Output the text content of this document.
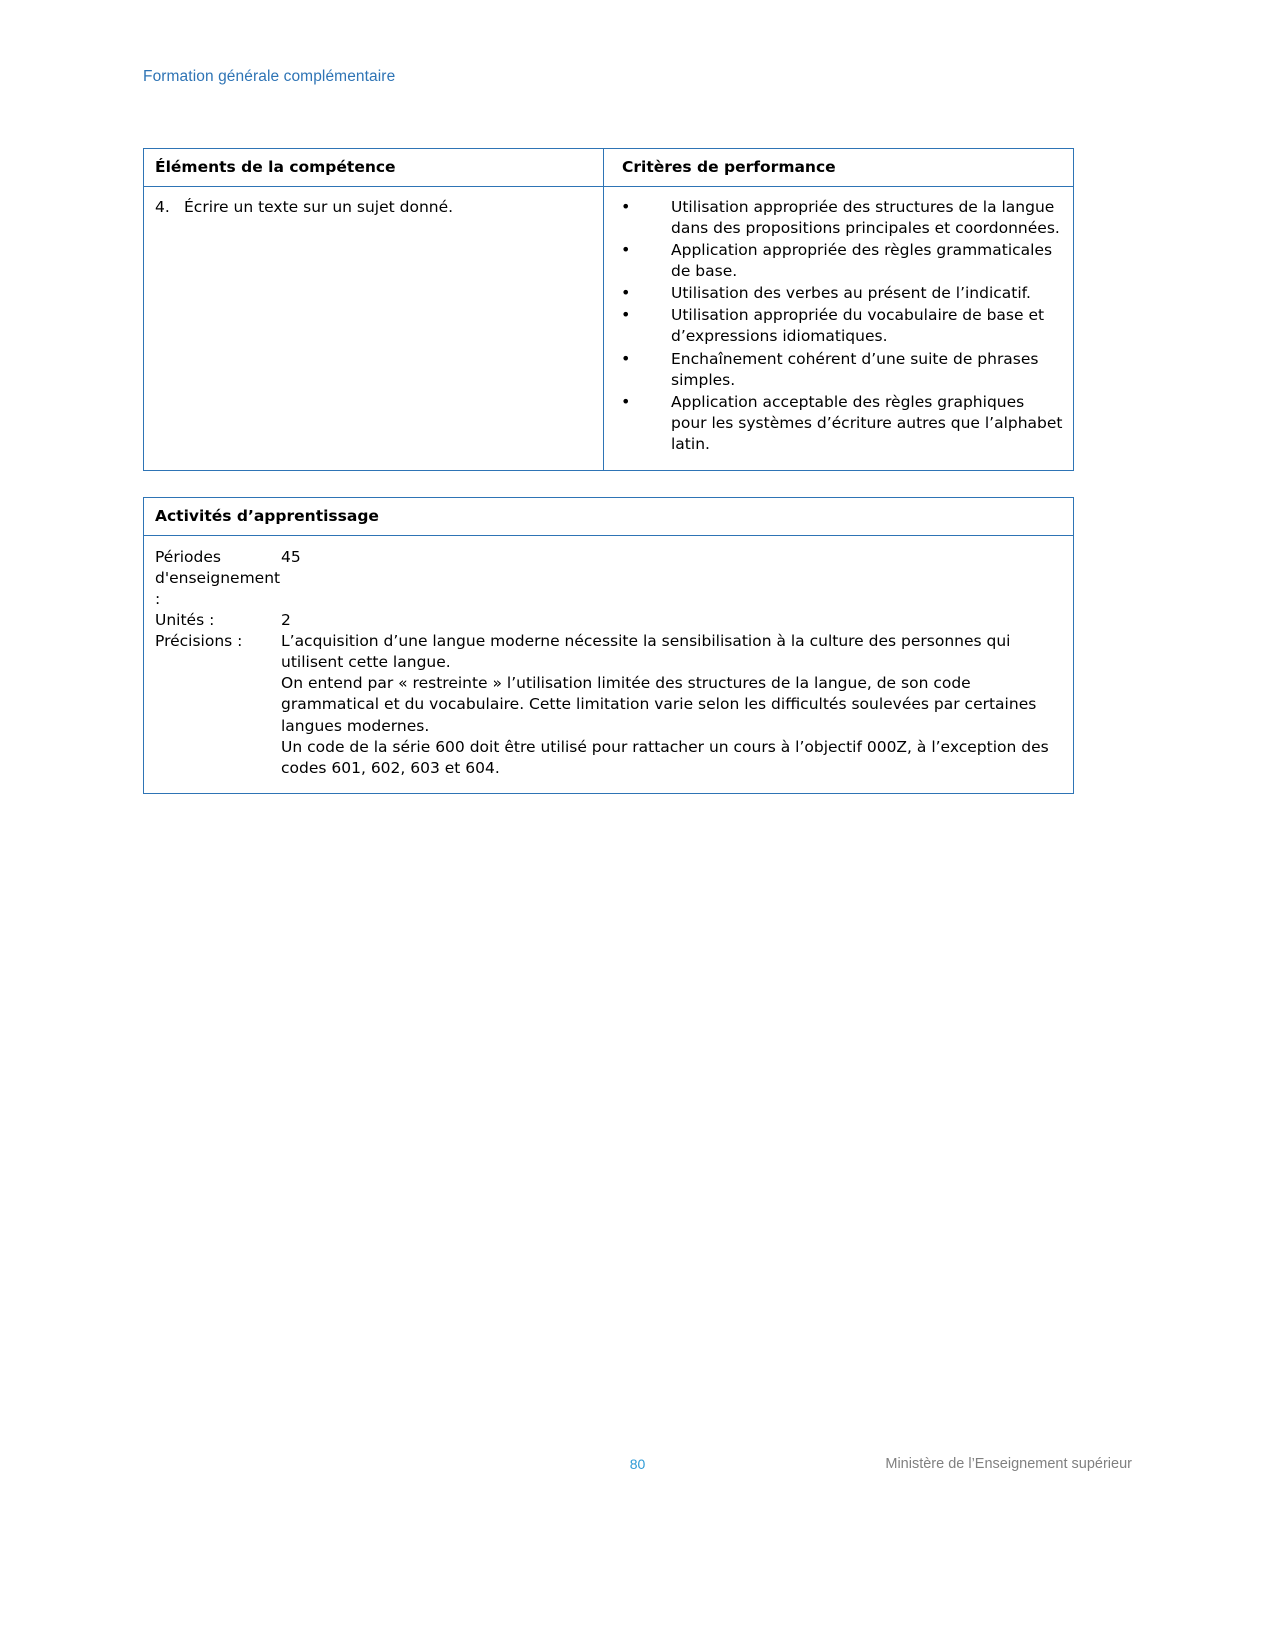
Formation générale complémentaire
Éléments de la compétence	Critères de performance

4. Écrire un texte sur un sujet donné.

•Utilisation appropriée des structures de la langue dans des propositions principales et coordonnées.
• Application appropriée des règles grammaticales de base.
• Utilisation des verbes au présent de l’indicatif.
• Utilisation appropriée du vocabulaire de base et d’expressions idiomatiques.
• Enchaînement cohérent d’une suite de phrases simples.
• Application acceptable des règles graphiques pour les systèmes d’écriture autres que l’alphabet latin.
Activités d’apprentissage

Périodes d'enseignement :
45
Unités :	2
Précisions :	L’acquisition d’une langue moderne nécessite la sensibilisation à la culture des personnes qui utilisent cette langue.

On entend par « restreinte » l’utilisation limitée des structures de la langue, de son code grammatical et du vocabulaire. Cette limitation varie selon les difficultés soulevées par certaines langues modernes.

Un code de la série 600 doit être utilisé pour rattacher un cours à l’objectif 000Z, à l’exception des codes 601, 602, 603 et 604.

80	Ministère de l’Enseignement supérieur
